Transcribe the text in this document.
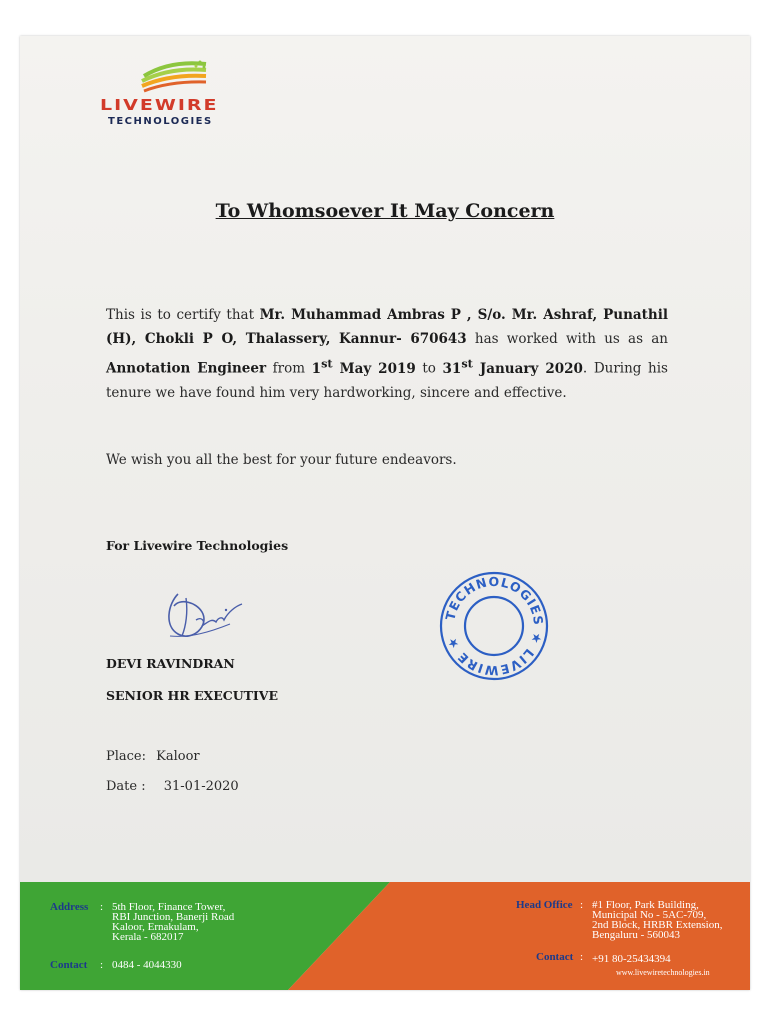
LIVEWIRE
TECHNOLOGIES
To Whomsoever It May Concern
This is to certify that Mr. Muhammad Ambras P , S/o. Mr. Ashraf, Punathil (H), Chokli P O, Thalassery, Kannur- 670643 has worked with us as an Annotation Engineer from 1st May 2019 to 31st January 2020. During his tenure we have found him very hardworking, sincere and effective.
We wish you all the best for your future endeavors.
For Livewire Technologies
TECHNOLOGIES ★ LIVEWIRE ★
DEVI RAVINDRAN
SENIOR HR EXECUTIVE
Place: Kaloor
Date : 31-01-2020
Address : 5th Floor, Finance Tower,
RBI Junction, Banerji Road
Kaloor, Ernakulam,
Kerala - 682017
Contact : 0484 - 4044330
Head Office : #1 Floor, Park Building,
Municipal No - 5AC-709,
2nd Block, HRBR Extension,
Bengaluru - 560043
Contact : +91 80-25434394
www.livewiretechnologies.in
